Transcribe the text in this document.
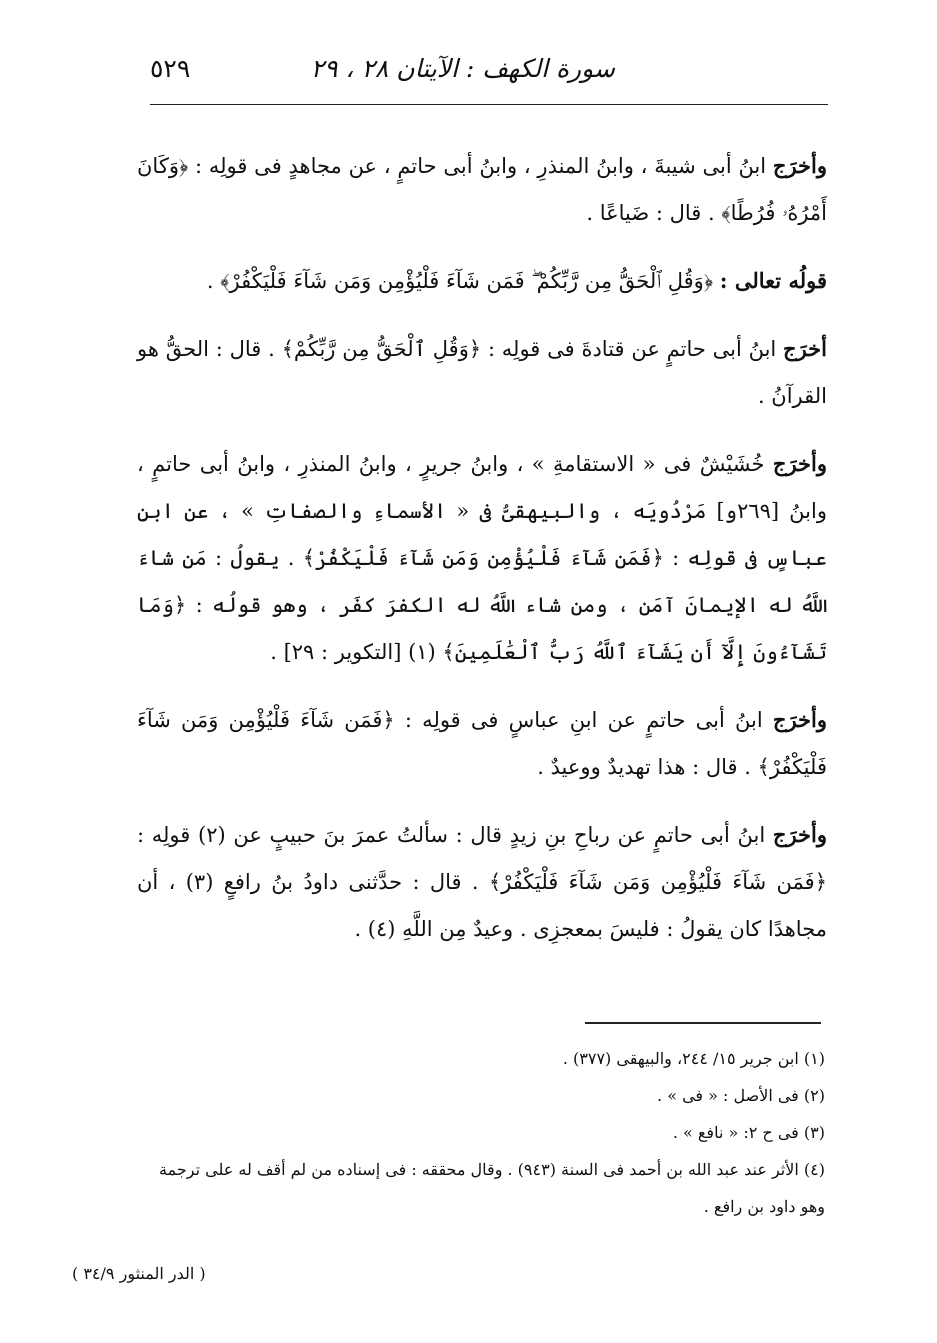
سورة الكهف : الآيتان ٢٨ ، ٢٩
٥٢٩

وأخرَج ابنُ أبى شيبةَ ، وابنُ المنذرِ ، وابنُ أبى حاتمٍ ، عن مجاهدٍ فى قولِه : ﴿وَكَانَ أَمْرُهُۥ فُرُطًا﴾ . قال : ضَياعًا .

قولُه تعالى : ﴿وَقُلِ ٱلْحَقُّ مِن رَّبِّكُمْ ۖ فَمَن شَآءَ فَلْيُؤْمِن وَمَن شَآءَ فَلْيَكْفُرْ﴾ .

أخرَج ابنُ أبى حاتمٍ عن قتادةَ فى قولِه : ﴿وَقُلِ ٱلْحَقُّ مِن رَّبِّكُمْ﴾ . قال : الحقُّ هو القرآنُ .

وأخرَج خُشَيْشٌ فى « الاستقامةِ » ، وابنُ جريرٍ ، وابنُ المنذرِ ، وابنُ أبى حاتمٍ ، وابنُ [٢٦٩و] مَرْدُويَه ، والبيهقىُّ فى « الأسماءِ والصفاتِ » ، عن ابنِ عباسٍ فى قولِه : ﴿فَمَن شَآءَ فَلْيُؤْمِن وَمَن شَآءَ فَلْيَكْفُرْ﴾ . يقولُ : مَن شاءَ اللَّهُ له الإيمانَ آمَن ، ومن شاء اللَّهُ له الكفرَ كفَر ، وهو قولُه : ﴿وَمَا تَشَآءُونَ إِلَّآ أَن يَشَآءَ ٱللَّهُ رَبُّ ٱلْعَٰلَمِينَ﴾ (١) [التكوير : ٢٩] .

وأخرَج ابنُ أبى حاتمٍ عن ابنِ عباسٍ فى قولِه : ﴿فَمَن شَآءَ فَلْيُؤْمِن وَمَن شَآءَ فَلْيَكْفُرْ﴾ . قال : هذا تهديدٌ ووعيدٌ .

وأخرَج ابنُ أبى حاتمٍ عن رباحِ بنِ زيدٍ قال : سألتُ عمرَ بنَ حبيبٍ عن (٢) قولِه : ﴿فَمَن شَآءَ فَلْيُؤْمِن وَمَن شَآءَ فَلْيَكْفُرْ﴾ . قال : حدَّثنى داودُ بنُ رافعٍ (٣) ، أن مجاهدًا كان يقولُ : فليسَ بمعجزِى . وعيدٌ مِن اللَّهِ (٤) .

(١) ابن جرير ١٥/ ٢٤٤، والبيهقى (٣٧٧) .
(٢) فى الأصل : « فى » .
(٣) فى ح ٢: « نافع » .
(٤) الأثر عند عبد الله بن أحمد فى السنة (٩٤٣) . وقال محققه : فى إسناده من لم أقف له على ترجمة
وهو داود بن رافع .
( الدر المنثور ٣٤/٩ )
